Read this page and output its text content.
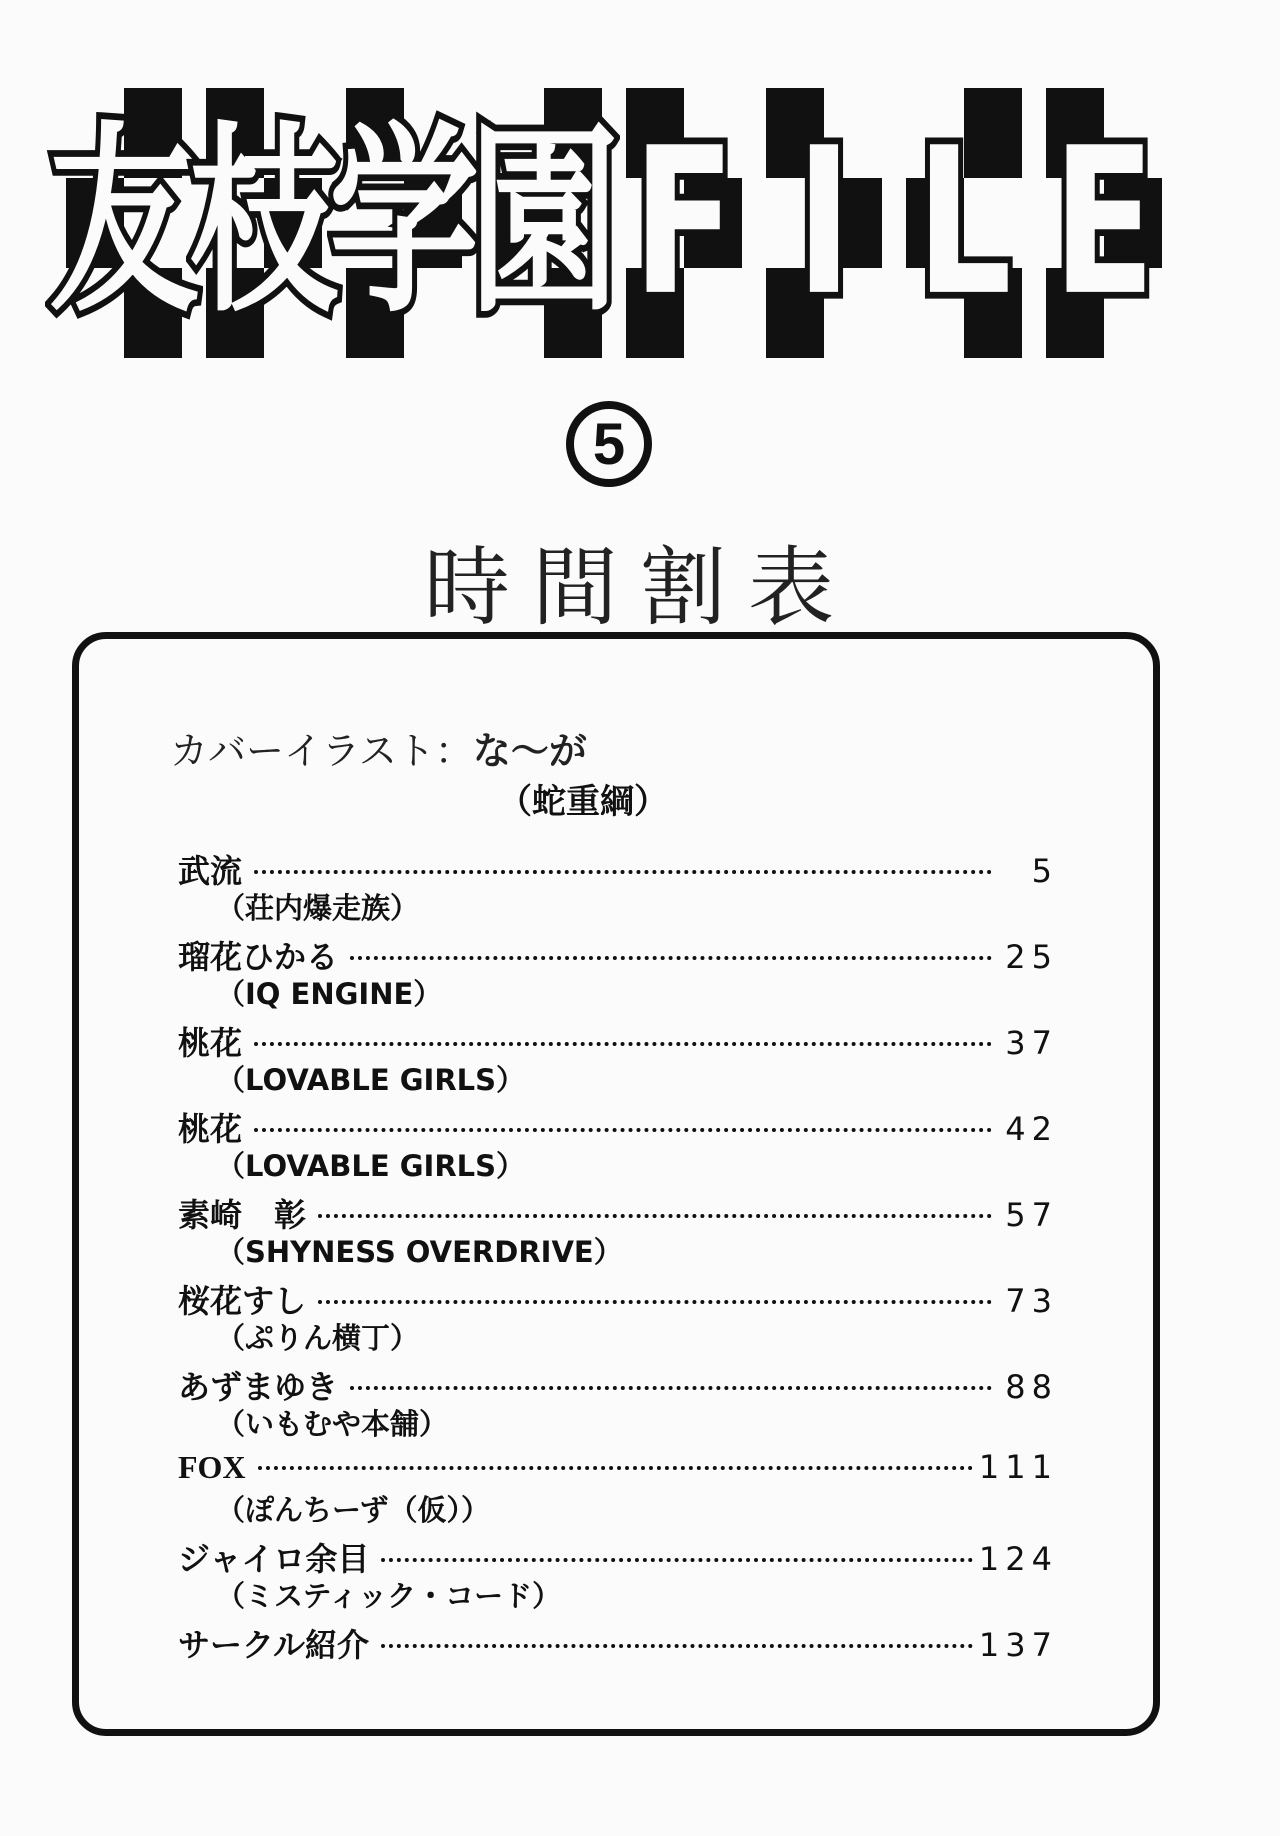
友
枝
学
園 F I L E
5
時間割表
カバーイラスト：な〜が
（蛇重綱）
武流	5
（荘内爆走族）
瑠花ひかる	25
（IQ ENGINE）
桃花	37
（LOVABLE GIRLS）
桃花	42
（LOVABLE GIRLS）
素崎　彰	57
（SHYNESS OVERDRIVE）
桜花すし	73
（ぷりん横丁）
あずまゆき	88
（いもむや本舗）
FOX	111
（ぽんちーず（仮））
ジャイロ余目	124
（ミスティック・コード）
サークル紹介	137
